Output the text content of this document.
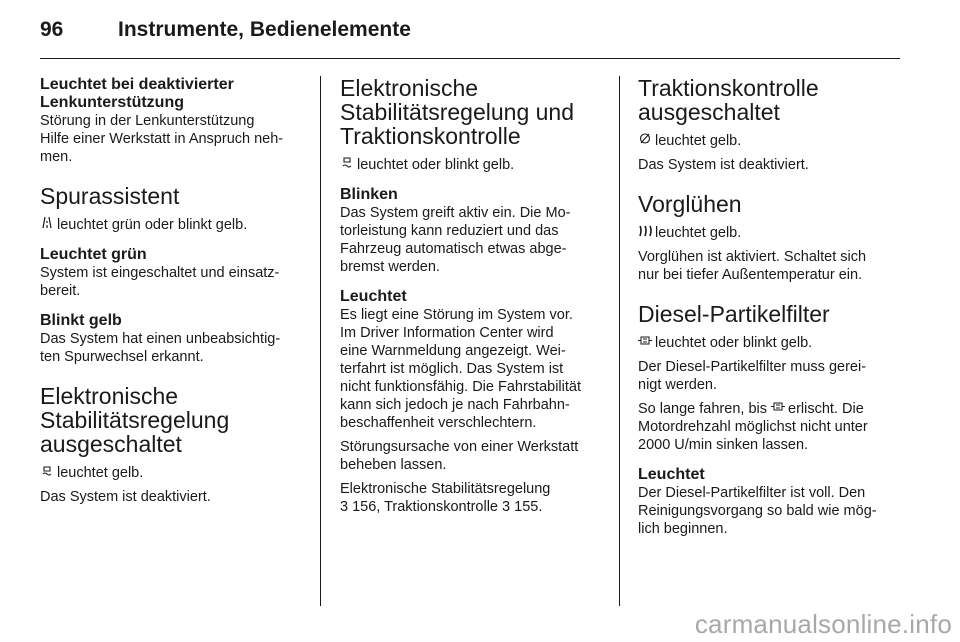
96	Instrumente, Bedienelemente
Leuchtet bei deaktivierter
Lenkunterstützung
Störung in der Lenkunterstützung
Hilfe einer Werkstatt in Anspruch neh-
men.
Spurassistent
leuchtet grün oder blinkt gelb.
Leuchtet grün
System ist eingeschaltet und einsatz-
bereit.
Blinkt gelb
Das System hat einen unbeabsichtig-
ten Spurwechsel erkannt.
Elektronische
Stabilitätsregelung
ausgeschaltet
leuchtet gelb.
Das System ist deaktiviert.
Elektronische
Stabilitätsregelung und
Traktionskontrolle
leuchtet oder blinkt gelb.
Blinken
Das System greift aktiv ein. Die Mo-
torleistung kann reduziert und das
Fahrzeug automatisch etwas abge-
bremst werden.
Leuchtet
Es liegt eine Störung im System vor.
Im Driver Information Center wird
eine Warnmeldung angezeigt. Wei-
terfahrt ist möglich. Das System ist
nicht funktionsfähig. Die Fahrstabilität
kann sich jedoch je nach Fahrbahn-
beschaffenheit verschlechtern.
Störungsursache von einer Werkstatt
beheben lassen.
Elektronische Stabilitätsregelung
3 156, Traktionskontrolle 3 155.
Traktionskontrolle
ausgeschaltet
leuchtet gelb.
Das System ist deaktiviert.
Vorglühen
leuchtet gelb.
Vorglühen ist aktiviert. Schaltet sich
nur bei tiefer Außentemperatur ein.
Diesel-Partikelfilter
leuchtet oder blinkt gelb.
Der Diesel-Partikelfilter muss gerei-
nigt werden.
So lange fahren, bis erlischt. Die
Motordrehzahl möglichst nicht unter
2000 U/min sinken lassen.
Leuchtet
Der Diesel-Partikelfilter ist voll. Den
Reinigungsvorgang so bald wie mög-
lich beginnen.
carmanualsonline.info
